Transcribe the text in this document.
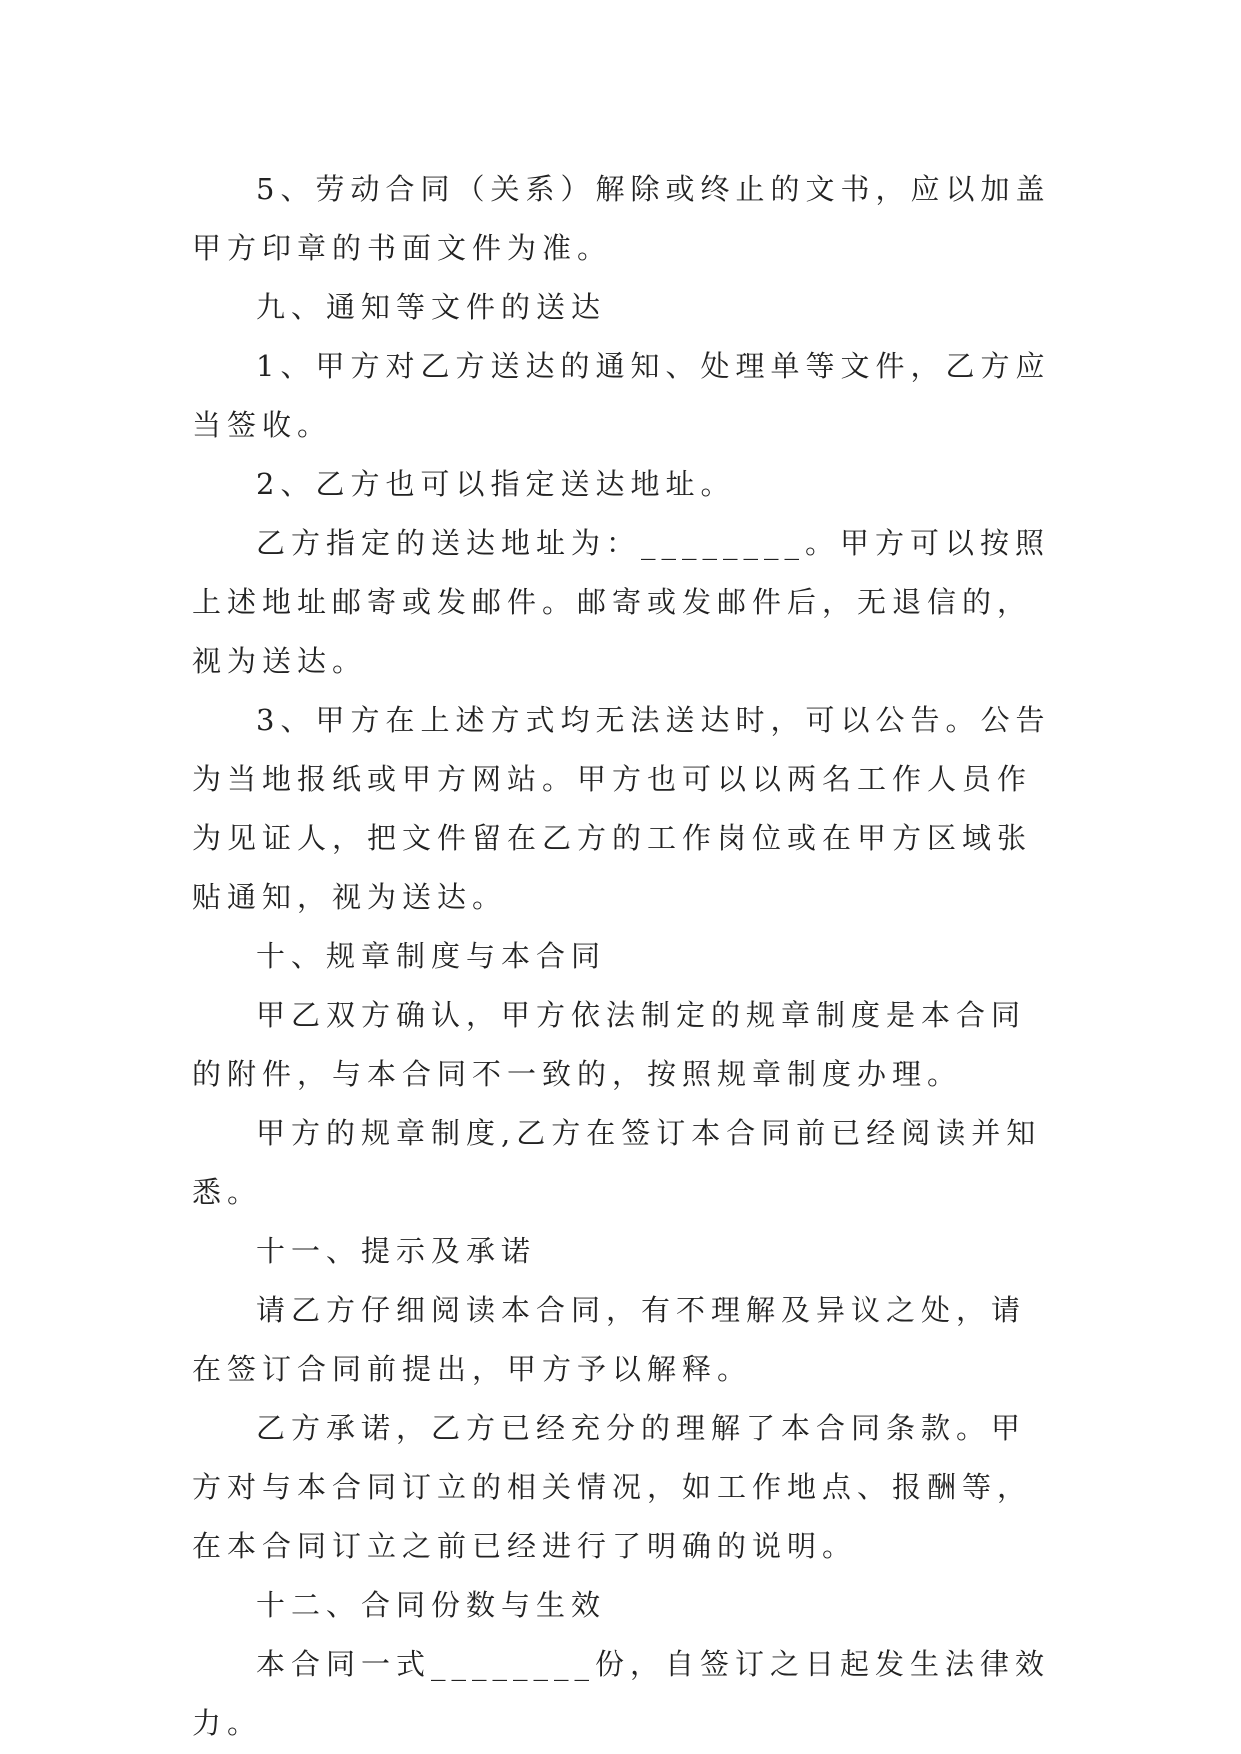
5、劳动合同（关系）解除或终止的文书，应以加盖甲方印章的书面文件为准。

九、通知等文件的送达

1、甲方对乙方送达的通知、处理单等文件，乙方应当签收。

2、乙方也可以指定送达地址。

乙方指定的送达地址为：________。甲方可以按照上述地址邮寄或发邮件。邮寄或发邮件后，无退信的，视为送达。

3、甲方在上述方式均无法送达时，可以公告。公告为当地报纸或甲方网站。甲方也可以以两名工作人员作为见证人，把文件留在乙方的工作岗位或在甲方区域张贴通知，视为送达。

十、规章制度与本合同

甲乙双方确认，甲方依法制定的规章制度是本合同的附件，与本合同不一致的，按照规章制度办理。

甲方的规章制度,乙方在签订本合同前已经阅读并知悉。

十一、提示及承诺

请乙方仔细阅读本合同，有不理解及异议之处，请在签订合同前提出，甲方予以解释。

乙方承诺，乙方已经充分的理解了本合同条款。甲方对与本合同订立的相关情况，如工作地点、报酬等，在本合同订立之前已经进行了明确的说明。

十二、合同份数与生效

本合同一式________份，自签订之日起发生法律效力。
